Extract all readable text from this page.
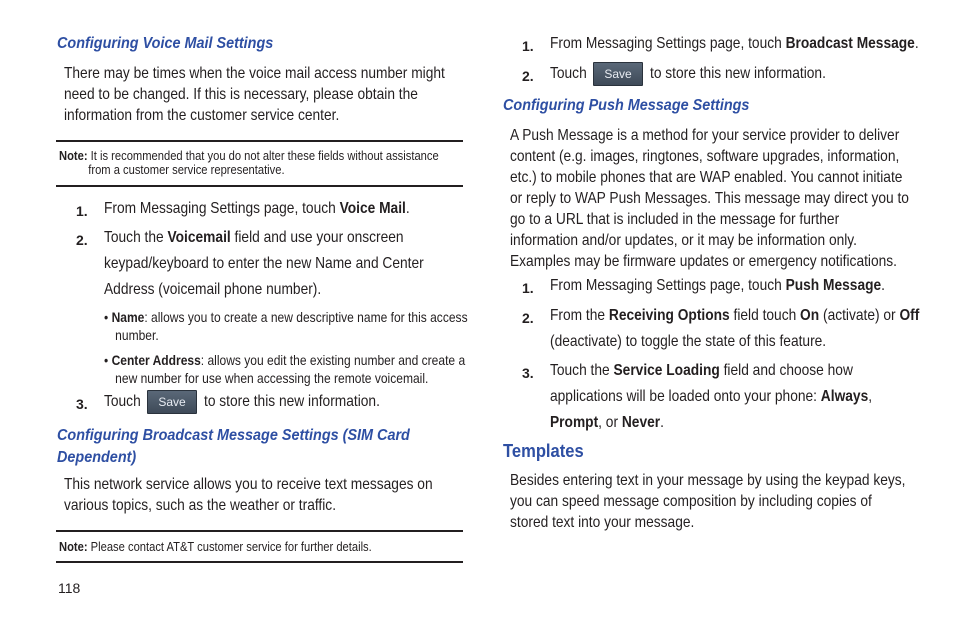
Configuring Voice Mail Settings
There may be times when the voice mail access number might
need to be changed. If this is necessary, please obtain the
information from the customer service center.
Note: It is recommended that you do not alter these fields without assistance
from a customer service representative.
1. From Messaging Settings page, touch Voice Mail.
2. Touch the Voicemail field and use your onscreen
keypad/keyboard to enter the new Name and Center
Address (voicemail phone number).
• Name: allows you to create a new descriptive name for this access
number.
• Center Address: allows you edit the existing number and create a
new number for use when accessing the remote voicemail.
3. Touch	Save	to store this new information.
Configuring Broadcast Message Settings (SIM Card
Dependent)
This network service allows you to receive text messages on
various topics, such as the weather or traffic.
Note: Please contact AT&T customer service for further details.
118
1. From Messaging Settings page, touch Broadcast Message.
2. Touch	Save	to store this new information.
Configuring Push Message Settings
A Push Message is a method for your service provider to deliver
content (e.g. images, ringtones, software upgrades, information,
etc.) to mobile phones that are WAP enabled. You cannot initiate
or reply to WAP Push Messages. This message may direct you to
go to a URL that is included in the message for further
information and/or updates, or it may be information only.
Examples may be firmware updates or emergency notifications.
1. From Messaging Settings page, touch Push Message.
2. From the Receiving Options field touch On (activate) or Off
(deactivate) to toggle the state of this feature.
3. Touch the Service Loading field and choose how
applications will be loaded onto your phone: Always,
Prompt, or Never.
Templates
Besides entering text in your message by using the keypad keys,
you can speed message composition by including copies of
stored text into your message.
